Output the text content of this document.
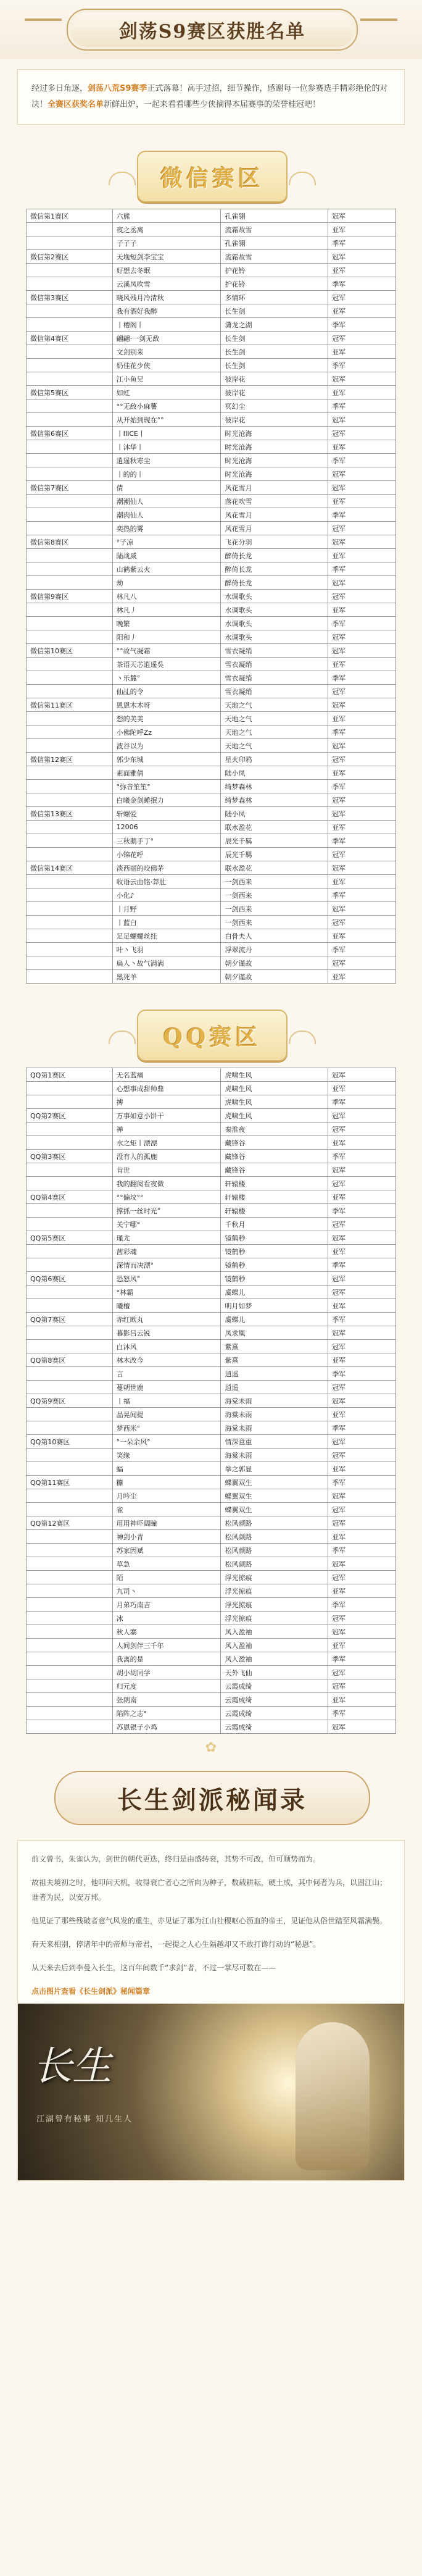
剑荡S9赛区获胜名单
经过多日角逐，剑荡八荒S9赛季正式落幕！高手过招，细节操作，感谢每一位参赛选手精彩绝伦的对决！全赛区获奖名单新鲜出炉，一起来看看哪些少侠摘得本届赛事的荣誉桂冠吧！
微信赛区
微信第1赛区	六熊	孔雀翎	冠军
	夜之丞离	流霜故雪	亚军
	子子子	孔雀翎	季军
微信第2赛区	天堍短剑李宝宝	流霜故雪	冠军
	好想去冬眠	护花铃	亚军
	云溪凤吹雪	护花铃	季军
微信第3赛区	晓风残月冷清秋	多情环	冠军
	我有酒好我醉	长生剑	亚军
	丨槽阁丨	潇龙之湖	季军
微信第4赛区	翩翩·一剑无敌	长生剑	冠军
	文剑别来	长生剑	亚军
	奶佳花少侠	长生剑	季军
	江小鱼兄	彼岸花	冠军
微信第5赛区	如虹	彼岸花	亚军
	°°无敌小麻薯	冥幻尘	季军
	从开始到现在°°	彼岸花	冠军
微信第6赛区	丨IIICE丨	时光沧海	冠军
	丨沐华丨	时光沧海	亚军
	逍遥秋寒尘	时光沧海	季军
	丨的的丨	时光沧海	冠军
微信第7赛区	倩	风花雪月	冠军
	潮潮仙人	落花吹雪	亚军
	潮肉仙人	风花雪月	季军
	奕热的雾	风花雪月	冠军
微信第8赛区	°子凉	飞花分羽	冠军
	陆战威	醉倚长龙	亚军
	山鹤紫云火	醉倚长龙	季军
	劫	醉倚长龙	冠军
微信第9赛区	林凡八	水调歌头	冠军
	林凡丿	水调歌头	亚军
	晚繁	水调歌头	季军
	阳和丿	水调歌头	冠军
微信第10赛区	°°故气凝霜	雪衣凝绡	冠军
	茶语天芯逍遥吳	雪衣凝绡	亚军
	丶乐麓°	雪衣凝绡	季军
	仙乩的令	雪衣凝绡	冠军
微信第11赛区	恩恩木木呀	天地之气	冠军
	想的美美	天地之气	亚军
	小佛陀呼Zz	天地之气	季军
	波谷以为	天地之气	冠军
微信第12赛区	郭少东城	星火印鸦	冠军
	素面雅倩	陆小凤	亚军
	°弥音笙笙°	绮梦森林	季军
	白曦金剑睡抿力	绮梦森林	冠军
微信第13赛区	斩螺爱	陆小凤	冠军
	12006	联水盈花	亚军
	三秋鹅手丁°	辰光千羁	季军
	小锦花呼	辰光千羁	冠军
微信第14赛区	淡西丽的咬佛茅	联水盈花	冠军
	收语云曲铭·莽肚	一剑西来	亚军
	小化♪	一剑西来	季军
	丨月野	一剑西来	冠军
	丨蓝白	一剑西来	冠军
	足足螺螺丝挂	白骨夫人	亚军
	叶丶飞羽	浮翠流丹	季军
	扁人丶故气满满	朝夕谨故	冠军
	黑死羊	朝夕谨故	亚军
QQ赛区
QQ第1赛区	无名蓝痛	虎啸生风	冠军
	心想事成甜帅鼎	虎啸生风	亚军
	搏	虎啸生风	季军
QQ第2赛区	万事如意小饼干	虎啸生风	冠军
	禅	秦淮夜	冠军
	水之矩丨漂漂	藏锋谷	亚军
QQ第3赛区	没有人的孤鹿	藏锋谷	季军
	肯世	藏锋谷	冠军
	我的翻阅看夜微	轩辕楼	冠军
QQ第4赛区	°°偏坟°°	轩辕楼	亚军
	撑抓一丝时光°	轩辕楼	季军
	关宁哪°	千秋月	冠军
QQ第5赛区	瑾尤	镜鹤秒	冠军
	茜彩魂	镜鹤秒	亚军
	深情而决漂°	镜鹤秒	季军
QQ第6赛区	恐怒风°	镜鹤秒	冠军
	°林霸	虞蝶儿	冠军
	曦檀	明月如梦	亚军
QQ第7赛区	赤红欧丸	虞蝶儿	季军
	暮影吕云锐	凤求凰	冠军
	白沐风	紫熹	冠军
QQ第8赛区	林木改今	紫熹	亚军
	言	逍遥	季军
	蔓朝世鹿	逍遥	冠军
QQ第9赛区	丨福	海棠未雨	冠军
	晶晃闻提	海棠未雨	亚军
	梦西米°	海棠未雨	季军
QQ第10赛区	°一朵余风°	情深意重	冠军
	笑缘	海棠未雨	冠军
	蝠	拳之郭显	亚军
QQ第11赛区	糠	蝶翼双生	季军
	月吟尘	蝶翼双生	冠军
	雀	蝶翼双生	冠军
QQ第12赛区	用用神吓阔瞳	松风颜路	冠军
	神剑小青	松风颜路	亚军
	苏家因斌	松风颜路	季军
	草急	松风颜路	冠军
	陌	浮光掠痕	冠军
	九司丶	浮光掠痕	亚军
	月弟巧南吉	浮光掠痕	季军
	冰	浮光掠痕	冠军
	秋人寨	风入盈袖	冠军
	人间剑伴三千年	风入盈袖	亚军
	我离的是	风入盈袖	季军
	胡小胡同学	天外飞仙	冠军
	归元度	云霞成绮	冠军
	张朗南	云霞成绮	亚军
	陷阵之志°	云霞成绮	季军
	苏恩银子小鸡	云霞成绮	冠军
✿
长生剑派秘闻录

前文曾书，朱雀认为，剑世的朝代更迭，终归是由盛转衰，其势不可改，但可顺势而为。

故祖夫境初之时，他叩问天机，收得衰亡者心之所向为种子，数载耕耘，硬土成，其中何者为兵，以固江山；谁者为民，以安万邦。

他见证了那些残破者意气风发的重生，亦见证了那为江山社稷呕心沥血的帝王，见证他从俗世踏至风霜满鬓。

有天来相别，停诸年中的帝师与帝君，一起提之人心生隔越却又不敢打谗行动的“秘恩”。

从天来去后到李曼入长生，这百年间数千“求剑”者，不过一掌尽可数在——

点击图片查看《长生剑派》秘闻篇章
长生
江湖曾有秘事 知几生人
